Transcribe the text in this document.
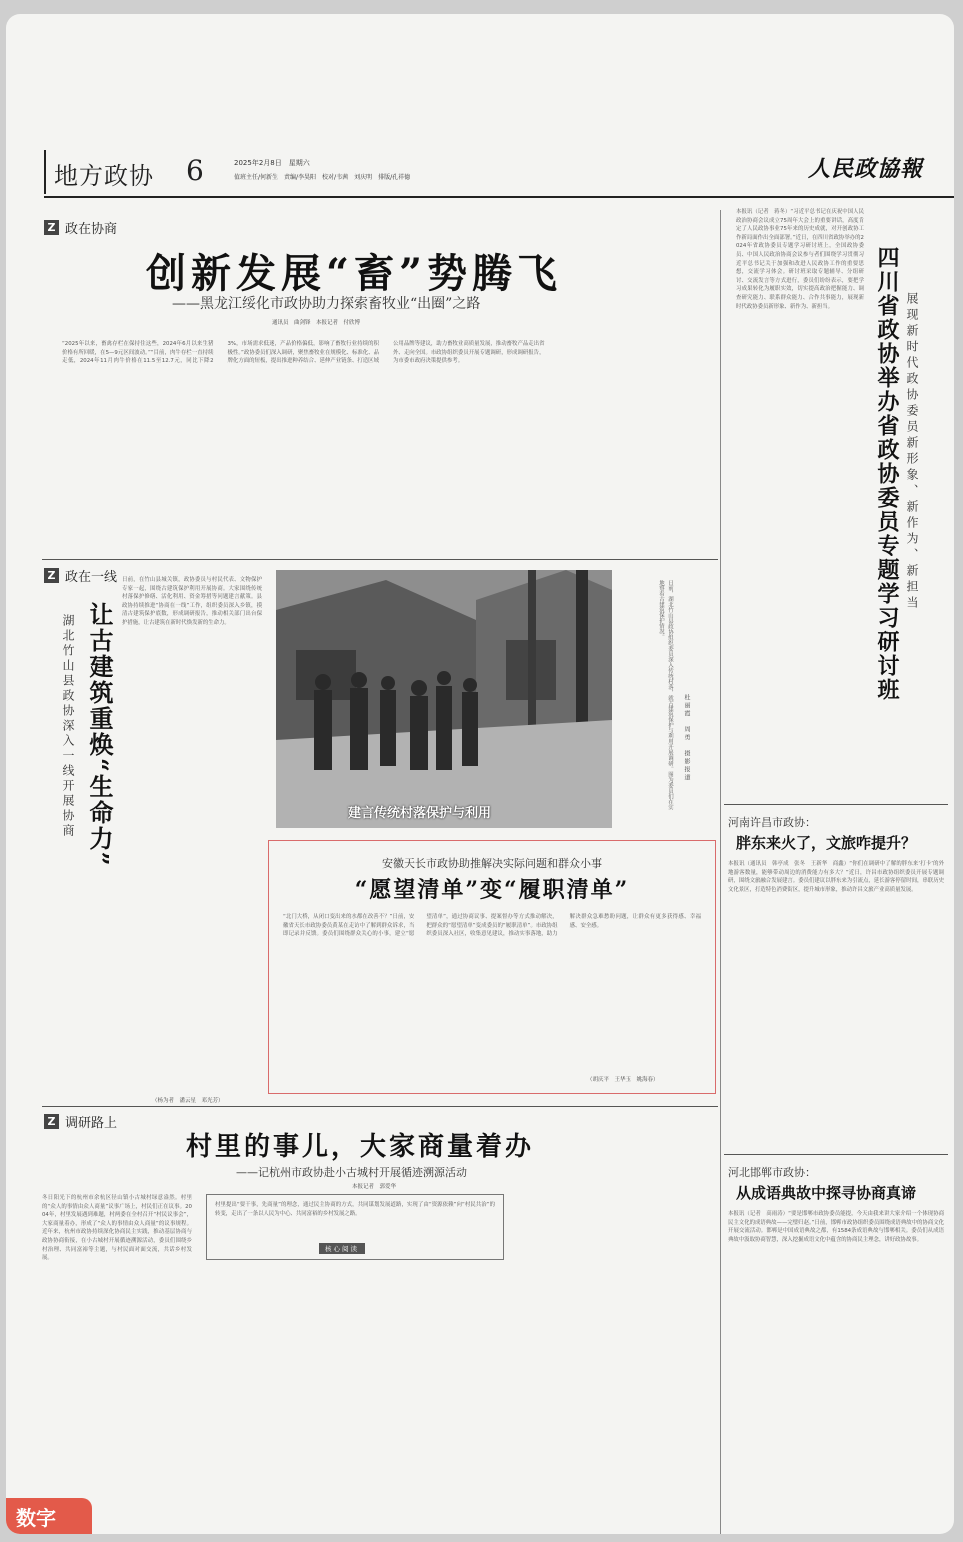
地方政协 6	2025年2月8日　星期六
值班主任/何新生　责编/李昊阳　校对/韦茜　刘庆明　排版/孔祥德	人民政協報
Z 政在协商
创新发展“畜”势腾飞
——黑龙江绥化市政协助力探索畜牧业“出圈”之路
通讯员　曲剑锋　本报记者　付欣博
“2025年以来，畜禽存栏在保持住这些，2024年6月以来生猪价格有所回暖，在5—9元区间波动。”“目前，肉牛存栏一直持续走低，2024年11月肉牛价格在11.5至12.7元，同比下降23%，市场需求低迷，产品价格偏低，影响了畜牧行业持续的积极性。”政协委员们深入调研，聚焦畜牧业在规模化、标准化、品牌化方面的短板，提出推进种养结合、延伸产业链条、打造区域公用品牌等建议，助力畜牧业高质量发展，推动畜牧产品走出省外、走向全国。市政协组织委员开展专题调研，形成调研报告，为市委市政府决策提供参考。
Z 政在一线
让古建筑重焕“生命力”
湖北竹山县政协深入一线开展协商
日前，在竹山县城关镇，政协委员与村民代表、文物保护专家一起，围绕古建筑保护利用开展协商。大家围绕传统村落保护修缮、活化利用、资金筹措等问题建言献策。县政协持续推进“协商在一线”工作，组织委员深入乡镇，摸清古建筑保护底数，形成调研报告，推动相关部门出台保护措施，让古建筑在新时代焕发新的生命力。
（杨为者　潘云星　邓光芳）
建言传统村落保护与利用
日前，湖北竹山县政协组织委员深入传统村落，就古建筑保护与利用开展调研。图为委员们在实地察看古建筑保护情况。
杜丽霞　周勇　摄影报道
安徽天长市政协助推解决实际问题和群众小事
“愿望清单”变“履职清单”
“北门大桥，从闭口变出来的水都在改善不？”日前，安徽省天长市政协委员黄某在走访中了解到群众诉求，当即记录并反馈。委员们围绕群众关心的小事，建立“愿望清单”，通过协商议事、提案督办等方式推动解决，把群众的“愿望清单”变成委员的“履职清单”。市政协组织委员深入社区，收集意见建议，推动实事落地，助力解决群众急难愁盼问题，让群众有更多获得感、幸福感、安全感。
（胡庆平　王华玉　姚海春）
Z 调研路上
村里的事儿，大家商量着办
——记杭州市政协赴小古城村开展循迹溯源活动
本报记者　郭爱华
村里提出“要干事，先商量”的理念，通过民主协商的方式，共同谋划发展道路，实现了由“资源依赖”向“村民共治”的转变，走出了一条以人民为中心、共同富裕的乡村发展之路。
核心阅读
冬日阳光下的杭州市余杭区径山镇小古城村绿意盎然。村里的“众人的事情由众人商量”议事广场上，村民们正在议事。2004年，村里发展遇到难题，村两委在全村召开“村民议事会”，大家商量着办，形成了“众人的事情由众人商量”的议事规程。近年来，杭州市政协持续深化协商民主实践，推动基层协商与政协协商衔接，在小古城村开展循迹溯源活动，委员们围绕乡村治理、共同富裕等主题，与村民面对面交流，共话乡村发展。
四川省政协举办省政协委员专题学习研讨班 展现新时代政协委员新形象、新作为、新担当
本报讯（记者　蒋冬）“习近平总书记在庆祝中国人民政治协商会议成立75周年大会上的重要讲话，高度肯定了人民政协事业75年来的历史成就，对开创政协工作新局面作出全面部署。”近日，在四川省政协举办的2024年省政协委员专题学习研讨班上，全国政协委员、中国人民政治协商会议参与者们围绕学习贯彻习近平总书记关于加强和改进人民政协工作的重要思想，交流学习体会。研讨班采取专题辅导、分组研讨、交流发言等方式进行，委员们纷纷表示，要把学习成果转化为履职实效，切实提高政治把握能力、调查研究能力、联系群众能力、合作共事能力，展现新时代政协委员新形象、新作为、新担当。
河南许昌市政协：
胖东来火了，文旅咋提升？
本报讯（通讯员　韩亭成　张冬　王新华　商鑫）“你们在调研中了解的胖东来‘打卡’的外地游客数量，能够带动周边的消费能力有多大？”近日，许昌市政协组织委员开展专题调研，围绕文旅融合发展建言。委员们建议以胖东来为引流点，延长游客停留时间，串联历史文化景区，打造特色消费街区，提升城市形象，推动许昌文旅产业高质量发展。
河北邯郸市政协：
从成语典故中探寻协商真谛
本报讯（记者　高雨涛）“要是邯郸市政协委员能提，今天由我来讲大家介绍一个体现协商民主文化的成语典故——完璧归赵。”日前，邯郸市政协组织委员围绕成语典故中的协商文化开展交流活动。邯郸是中国成语典故之都，有1584条成语典故与邯郸相关。委员们从成语典故中汲取协商智慧，深入挖掘成语文化中蕴含的协商民主理念，讲好政协故事。
数字
